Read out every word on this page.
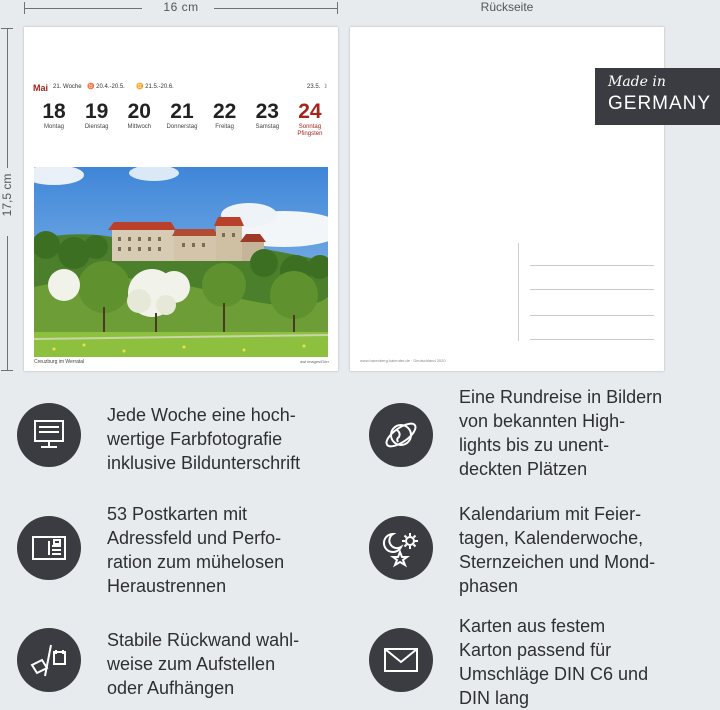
16 cm
17,5 cm
Rückseite
Mai 21. Woche ♉ 20.4.-20.5. ♊ 21.5.-20.6.	23.5. ☽
18
Montag
19
Dienstag
20
Mittwoch
21
Donnerstag
22
Freitag
23
Samstag
24
Sonntag
Pfingsten
Creuzburg im Werratal	awl images/Dörr	www.harenberg-kalender.de · Deutschland 2020
Made in
GERMANY
Jede Woche eine hoch-
wertige Farbfotografie
inklusive Bildunterschrift
Eine Rundreise in Bildern
von bekannten High-
lights bis zu unent-
deckten Plätzen
53 Postkarten mit
Adressfeld und Perfo-
ration zum mühelosen
Heraustrennen
Kalendarium mit Feier-
tagen, Kalenderwoche,
Sternzeichen und Mond-
phasen
Stabile Rückwand wahl-
weise zum Aufstellen
oder Aufhängen
Karten aus festem
Karton passend für
Umschläge DIN C6 und
DIN lang
